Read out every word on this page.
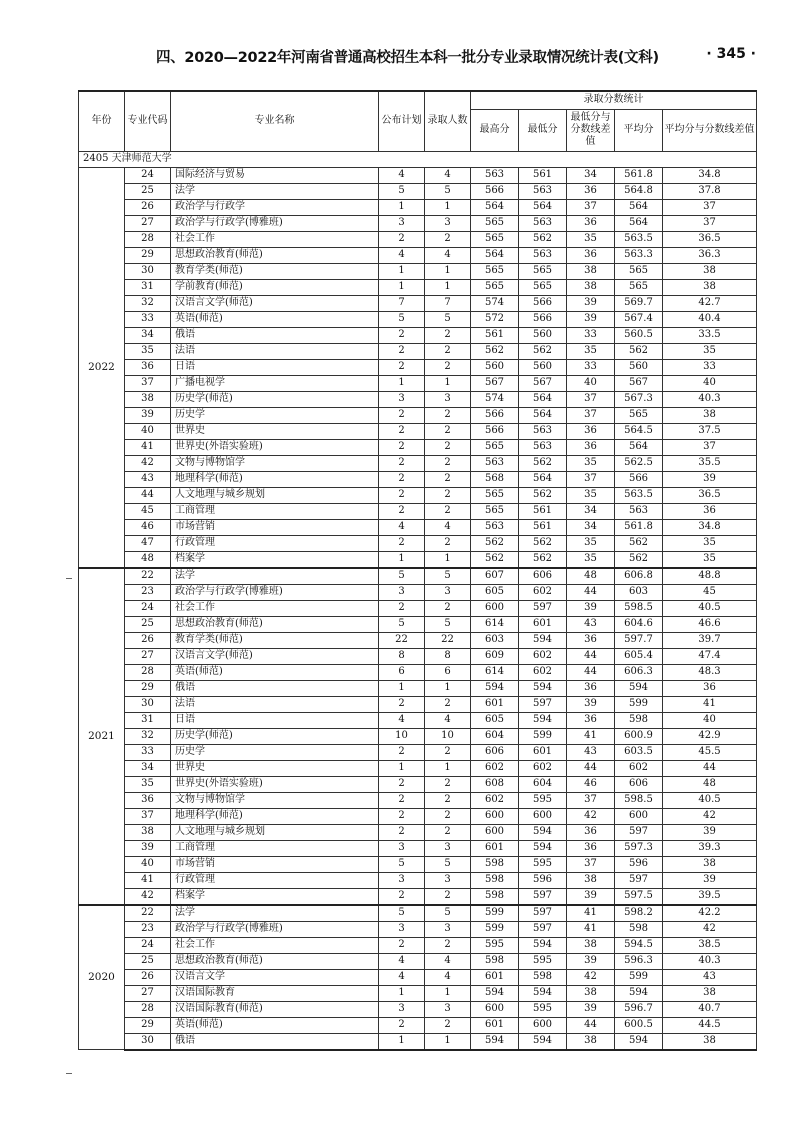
四、2020—2022年河南省普通高校招生本科一批分专业录取情况统计表(文科)	· 345 ·
年份	专业代码	专业名称	公布计划	录取人数	录取分数统计				
					最高分	最低分	最低分与分数线差值	平均分	平均分与分数线差值
2405 天津师范大学									
2022	24	国际经济与贸易	4	4	563	561	34	561.8	34.8
	25	法学	5	5	566	563	36	564.8	37.8
	26	政治学与行政学	1	1	564	564	37	564	37
	27	政治学与行政学(博雅班)	3	3	565	563	36	564	37
	28	社会工作	2	2	565	562	35	563.5	36.5
	29	思想政治教育(师范)	4	4	564	563	36	563.3	36.3
	30	教育学类(师范)	1	1	565	565	38	565	38
	31	学前教育(师范)	1	1	565	565	38	565	38
	32	汉语言文学(师范)	7	7	574	566	39	569.7	42.7
	33	英语(师范)	5	5	572	566	39	567.4	40.4
	34	俄语	2	2	561	560	33	560.5	33.5
	35	法语	2	2	562	562	35	562	35
	36	日语	2	2	560	560	33	560	33
	37	广播电视学	1	1	567	567	40	567	40
	38	历史学(师范)	3	3	574	564	37	567.3	40.3
	39	历史学	2	2	566	564	37	565	38
	40	世界史	2	2	566	563	36	564.5	37.5
	41	世界史(外语实验班)	2	2	565	563	36	564	37
	42	文物与博物馆学	2	2	563	562	35	562.5	35.5
	43	地理科学(师范)	2	2	568	564	37	566	39
	44	人文地理与城乡规划	2	2	565	562	35	563.5	36.5
	45	工商管理	2	2	565	561	34	563	36
	46	市场营销	4	4	563	561	34	561.8	34.8
	47	行政管理	2	2	562	562	35	562	35
	48	档案学	1	1	562	562	35	562	35
2021	22	法学	5	5	607	606	48	606.8	48.8
	23	政治学与行政学(博雅班)	3	3	605	602	44	603	45
	24	社会工作	2	2	600	597	39	598.5	40.5
	25	思想政治教育(师范)	5	5	614	601	43	604.6	46.6
	26	教育学类(师范)	22	22	603	594	36	597.7	39.7
	27	汉语言文学(师范)	8	8	609	602	44	605.4	47.4
	28	英语(师范)	6	6	614	602	44	606.3	48.3
	29	俄语	1	1	594	594	36	594	36
	30	法语	2	2	601	597	39	599	41
	31	日语	4	4	605	594	36	598	40
	32	历史学(师范)	10	10	604	599	41	600.9	42.9
	33	历史学	2	2	606	601	43	603.5	45.5
	34	世界史	1	1	602	602	44	602	44
	35	世界史(外语实验班)	2	2	608	604	46	606	48
	36	文物与博物馆学	2	2	602	595	37	598.5	40.5
	37	地理科学(师范)	2	2	600	600	42	600	42
	38	人文地理与城乡规划	2	2	600	594	36	597	39
	39	工商管理	3	3	601	594	36	597.3	39.3
	40	市场营销	5	5	598	595	37	596	38
	41	行政管理	3	3	598	596	38	597	39
	42	档案学	2	2	598	597	39	597.5	39.5
2020	22	法学	5	5	599	597	41	598.2	42.2
	23	政治学与行政学(博雅班)	3	3	599	597	41	598	42
	24	社会工作	2	2	595	594	38	594.5	38.5
	25	思想政治教育(师范)	4	4	598	595	39	596.3	40.3
	26	汉语言文学	4	4	601	598	42	599	43
	27	汉语国际教育	1	1	594	594	38	594	38
	28	汉语国际教育(师范)	3	3	600	595	39	596.7	40.7
	29	英语(师范)	2	2	601	600	44	600.5	44.5
	30	俄语	1	1	594	594	38	594	38
